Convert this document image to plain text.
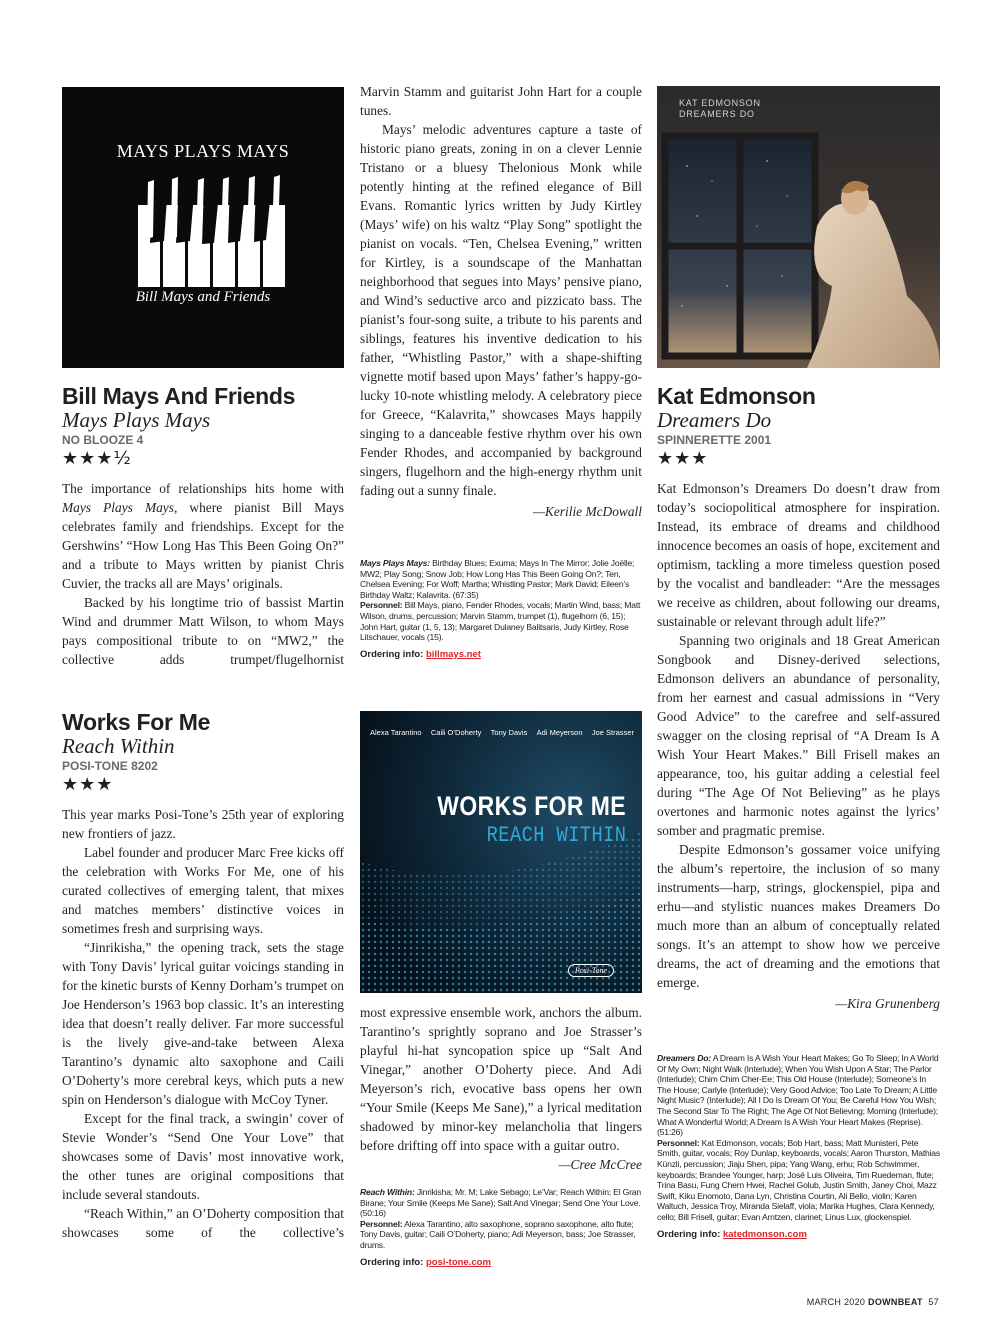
MAYS PLAYS MAYS
Bill Mays and Friends
Bill Mays And Friends
Mays Plays Mays
NO BLOOZE 4
★★★½

The importance of relationships hits home with Mays Plays Mays, where pianist Bill Mays celebrates family and friendships. Except for the Gershwins’ “How Long Has This Been Going On?” and a tribute to Mays written by pianist Chris Cuvier, the tracks all are Mays’ originals.

Backed by his longtime trio of bassist Martin Wind and drummer Matt Wilson, to whom Mays pays compositional tribute to on “MW2,” the collective adds trumpet/flugelhornist

Marvin Stamm and guitarist John Hart for a couple tunes.

Mays’ melodic adventures capture a taste of historic piano greats, zoning in on a clever Lennie Tristano or a bluesy Thelonious Monk while potently hinting at the refined elegance of Bill Evans. Romantic lyrics written by Judy Kirtley (Mays’ wife) on his waltz “Play Song” spotlight the pianist on vocals. “Ten, Chelsea Evening,” written for Kirtley, is a soundscape of the Manhattan neighborhood that segues into Mays’ pensive piano, and Wind’s seductive arco and pizzicato bass. The pianist’s four-song suite, a tribute to his parents and siblings, features his inventive dedication to his father, “Whistling Pastor,” with a shape-shifting vignette motif based upon Mays’ father’s happy-go-lucky 10-note whistling melody. A celebratory piece for Greece, “Kalavrita,” showcases Mays happily singing to a danceable festive rhythm over his own Fender Rhodes, and accompanied by background singers, flugelhorn and the high-energy rhythm unit fading out a sunny finale.

—Kerilie McDowall

Mays Plays Mays: Birthday Blues; Exuma; Mays In The Mirror; Jolie Joëlle; MW2; Play Song; Snow Job; How Long Has This Been Going On?; Ten, Chelsea Evening; For Woff; Martha; Whistling Pastor; Mark David; Eileen’s Birthday Waltz; Kalavrita. (67:35)

Personnel: Bill Mays, piano, Fender Rhodes, vocals; Martin Wind, bass; Matt Wilson, drums, percussion; Marvin Stamm, trumpet (1), flugelhorn (6, 15); John Hart, guitar (1, 5, 13); Margaret Dulaney Balitsaris, Judy Kirtley, Rose Litschauer, vocals (15).

Ordering info: billmays.net
Works For Me
Reach Within
POSI-TONE 8202
★★★

This year marks Posi-Tone’s 25th year of exploring new frontiers of jazz.

Label founder and producer Marc Free kicks off the celebration with Works For Me, one of his curated collectives of emerging talent, that mixes and matches members’ distinctive voices in sometimes fresh and surprising ways.

“Jinrikisha,” the opening track, sets the stage with Tony Davis’ lyrical guitar voicings standing in for the kinetic bursts of Kenny Dorham’s trumpet on Joe Henderson’s 1963 bop classic. It’s an interesting idea that doesn’t really deliver. Far more successful is the lively give-and-take between Alexa Tarantino’s dynamic alto saxophone and Caili O’Doherty’s more cerebral keys, which puts a new spin on Henderson’s dialogue with McCoy Tyner.

Except for the final track, a swingin’ cover of Stevie Wonder’s “Send One Your Love” that showcases some of Davis’ most innovative work, the other tunes are original compositions that include several standouts.

“Reach Within,” an O’Doherty composition that showcases some of the collective’s

Alexa Tarantino Caili O’Doherty Tony Davis Adi Meyerson Joe Strasser
WORKS FOR ME
REACH WITHIN
Posi-Tone

most expressive ensemble work, anchors the album. Tarantino’s sprightly soprano and Joe Strasser’s playful hi-hat syncopation spice up “Salt And Vinegar,” another O’Doherty piece. And Adi Meyerson’s rich, evocative bass opens her own “Your Smile (Keeps Me Sane),” a lyrical meditation shadowed by minor-key melancholia that lingers before drifting off into space with a guitar outro.
—Cree McCree

Reach Within: Jinrikisha; Mr. M; Lake Sebago; Le’Var; Reach Within; El Gran Birane; Your Smile (Keeps Me Sane); Salt And Vinegar; Send One Your Love. (50:16)

Personnel: Alexa Tarantino, alto saxophone, soprano saxophone, alto flute; Tony Davis, guitar; Caili O’Doherty, piano; Adi Meyerson, bass; Joe Strasser, drums.

Ordering info: posi-tone.com
KAT EDMONSON
DREAMERS DO
Kat Edmonson
Dreamers Do
SPINNERETTE 2001
★★★

Kat Edmonson’s Dreamers Do doesn’t draw from today’s sociopolitical atmosphere for inspiration. Instead, its embrace of dreams and childhood innocence becomes an oasis of hope, excitement and optimism, tackling a more timeless question posed by the vocalist and bandleader: “Are the messages we receive as children, about following our dreams, sustainable or relevant through adult life?”

Spanning two originals and 18 Great American Songbook and Disney-derived selections, Edmonson delivers an abundance of personality, from her earnest and casual admissions in “Very Good Advice” to the carefree and self-assured swagger on the closing reprisal of “A Dream Is A Wish Your Heart Makes.” Bill Frisell makes an appearance, too, his guitar adding a celestial feel during “The Age Of Not Believing” as he plays overtones and harmonic notes against the lyrics’ somber and pragmatic premise.

Despite Edmonson’s gossamer voice unifying the album’s repertoire, the inclusion of so many instruments—harp, strings, glockenspiel, pipa and erhu—and stylistic nuances makes Dreamers Do much more than an album of conceptually related songs. It’s an attempt to show how we perceive dreams, the act of dreaming and the emotions that emerge.

—Kira Grunenberg

Dreamers Do: A Dream Is A Wish Your Heart Makes; Go To Sleep; In A World Of My Own; Night Walk (Interlude); When You Wish Upon A Star; The Parlor (Interlude); Chim Chim Cher-Ee; This Old House (Interlude); Someone’s In The House; Carlyle (Interlude); Very Good Advice; Too Late To Dream; A Little Night Music? (Interlude); All I Do Is Dream Of You; Be Careful How You Wish; The Second Star To The Right; The Age Of Not Believing; Morning (Interlude); What A Wonderful World; A Dream Is A Wish Your Heart Makes (Reprise). (51:26)

Personnel: Kat Edmonson, vocals; Bob Hart, bass; Matt Munisteri, Pete Smith, guitar, vocals; Roy Dunlap, keyboards, vocals; Aaron Thurston, Mathias Künzli, percussion; Jiaju Shen, pipa; Yang Wang, erhu; Rob Schwimmer, keyboards; Brandee Younger, harp; José Luis Oliveira, Tim Ruedeman, flute; Trina Basu, Fung Chern Hwei, Rachel Golub, Justin Smith, Janey Choi, Mazz Swift, Kiku Enomoto, Dana Lyn, Christina Courtin, Ali Bello, violin; Karen Waltuch, Jessica Troy, Miranda Sielaff, viola; Marika Hughes, Clara Kennedy, cello; Bill Frisell, guitar; Evan Arntzen, clarinet; Linus Lux, glockenspiel.

Ordering info: katedmonson.com
MARCH 2020 DOWNBEAT 57
